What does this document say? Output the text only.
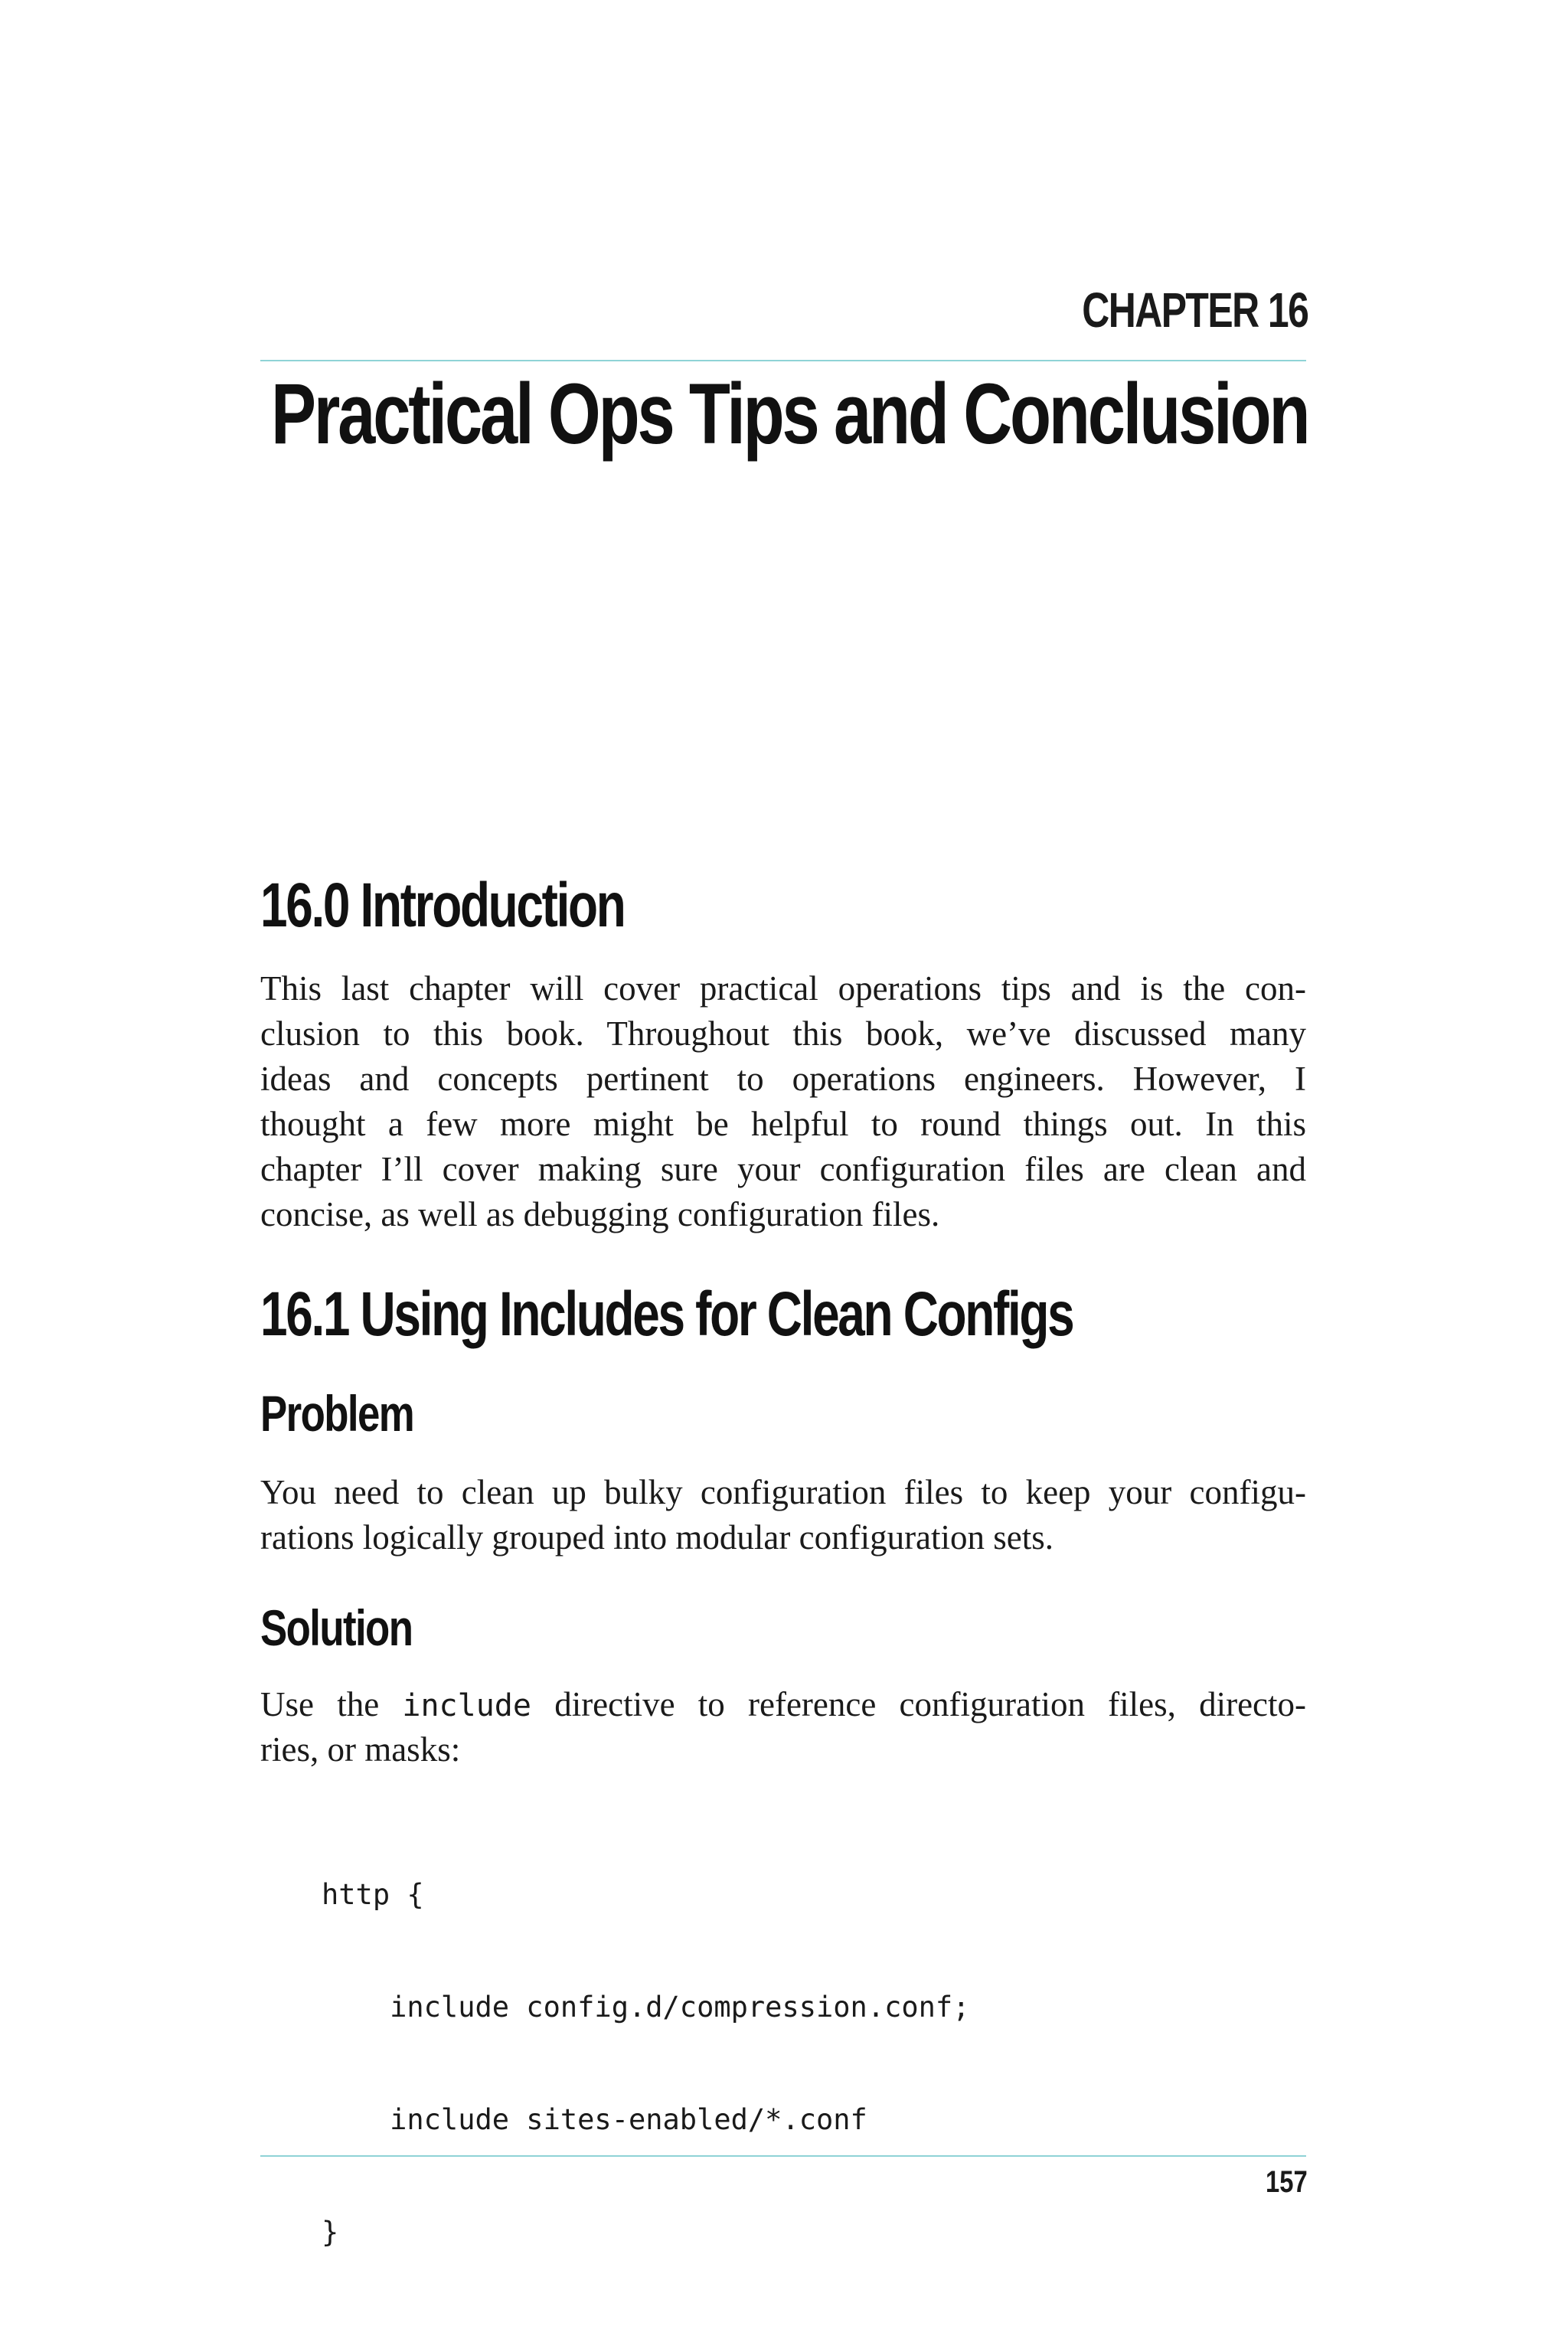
CHAPTER 16
Practical Ops Tips and Conclusion
16.0 Introduction
This last chapter will cover practical operations tips and is the con-
clusion to this book. Throughout this book, we’ve discussed many
ideas and concepts pertinent to operations engineers. However, I
thought a few more might be helpful to round things out. In this
chapter I’ll cover making sure your configuration files are clean and
concise, as well as debugging configuration files.
16.1 Using Includes for Clean Configs
Problem
You need to clean up bulky configuration files to keep your configu-
rations logically grouped into modular configuration sets.
Solution
Use the include directive to reference configuration files, directo-
ries, or masks:

http {

include config.d/compression.conf;

include sites-enabled/*.conf

}

157
